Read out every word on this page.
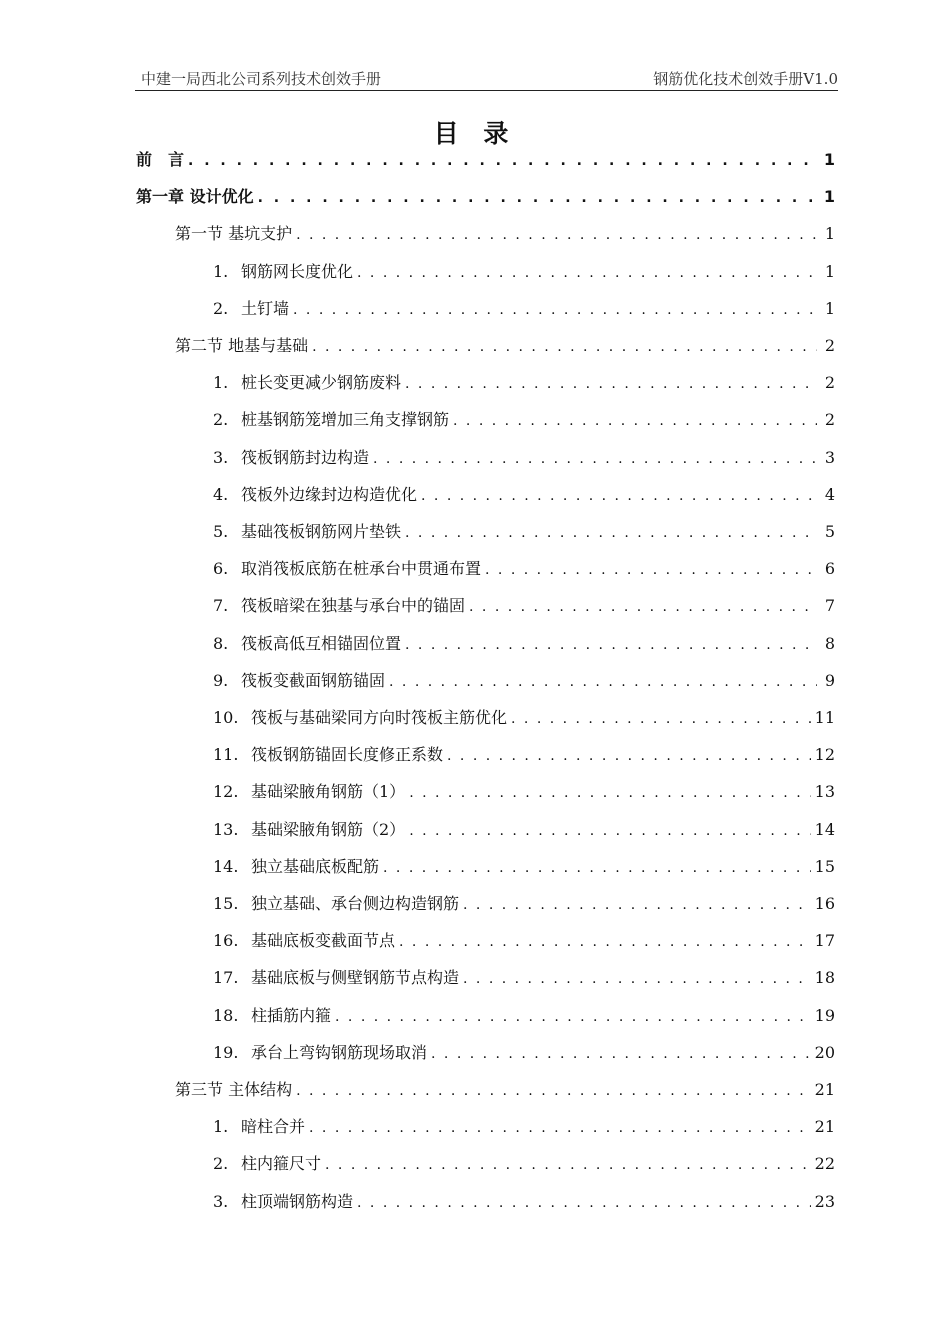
中建一局西北公司系列技术创效手册	钢筋优化技术创效手册V1.0
目 录
前　言 . . .	1
第一章 设计优化 . . .	1
第一节 基坑支护 . . .	1
1. 钢筋网长度优化 . . .	1
2. 土钉墙 . . .	1
第二节 地基与基础 . . .	2
1. 桩长变更减少钢筋废料 . . .	2
2. 桩基钢筋笼增加三角支撑钢筋 . . .	2
3. 筏板钢筋封边构造 . . .	3
4. 筏板外边缘封边构造优化 . . .	4
5. 基础筏板钢筋网片垫铁 . . .	5
6. 取消筏板底筋在桩承台中贯通布置 . . .	6
7. 筏板暗梁在独基与承台中的锚固 . . .	7
8. 筏板高低互相锚固位置 . . .	8
9. 筏板变截面钢筋锚固 . . .	9
10. 筏板与基础梁同方向时筏板主筋优化 . . .	11
11. 筏板钢筋锚固长度修正系数 . . .	12
12. 基础梁腋角钢筋（1） . . .	13
13. 基础梁腋角钢筋（2） . . .	14
14. 独立基础底板配筋 . . .	15
15. 独立基础、承台侧边构造钢筋 . . .	16
16. 基础底板变截面节点 . . .	17
17. 基础底板与侧壁钢筋节点构造 . . .	18
18. 柱插筋内箍 . . .	19
19. 承台上弯钩钢筋现场取消 . . .	20
第三节 主体结构 . . .	21
1. 暗柱合并 . . .	21
2. 柱内箍尺寸 . . .	22
3. 柱顶端钢筋构造 . . .	23
